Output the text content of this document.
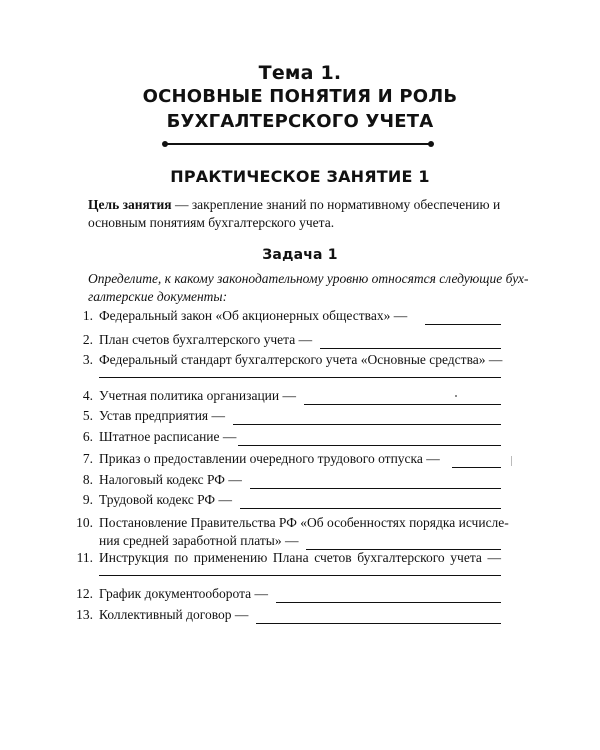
Тема 1.
ОСНОВНЫЕ ПОНЯТИЯ И РОЛЬ
БУХГАЛТЕРСКОГО УЧЕТА
ПРАКТИЧЕСКОЕ ЗАНЯТИЕ 1
Цель занятия — закрепление знаний по нормативному обеспечению и
основным понятиям бухгалтерского учета.
Задача 1
Определите, к какому законодательному уровню относятся следующие бух-
галтерские документы:
1. Федеральный закон «Об акционерных обществах» —
2. План счетов бухгалтерского учета —
3. Федеральный стандарт бухгалтерского учета «Основные средства» —
4. Учетная политика организации —
5. Устав предприятия —
6. Штатное расписание —
7. Приказ о предоставлении очередного трудового отпуска —
8. Налоговый кодекс РФ —
9. Трудовой кодекс РФ —
10. Постановление Правительства РФ «Об особенностях порядка исчисле-
ния средней заработной платы» —
11. Инструкция по применению Плана счетов бухгалтерского учета —
12. График документооборота —
13. Коллективный договор —
